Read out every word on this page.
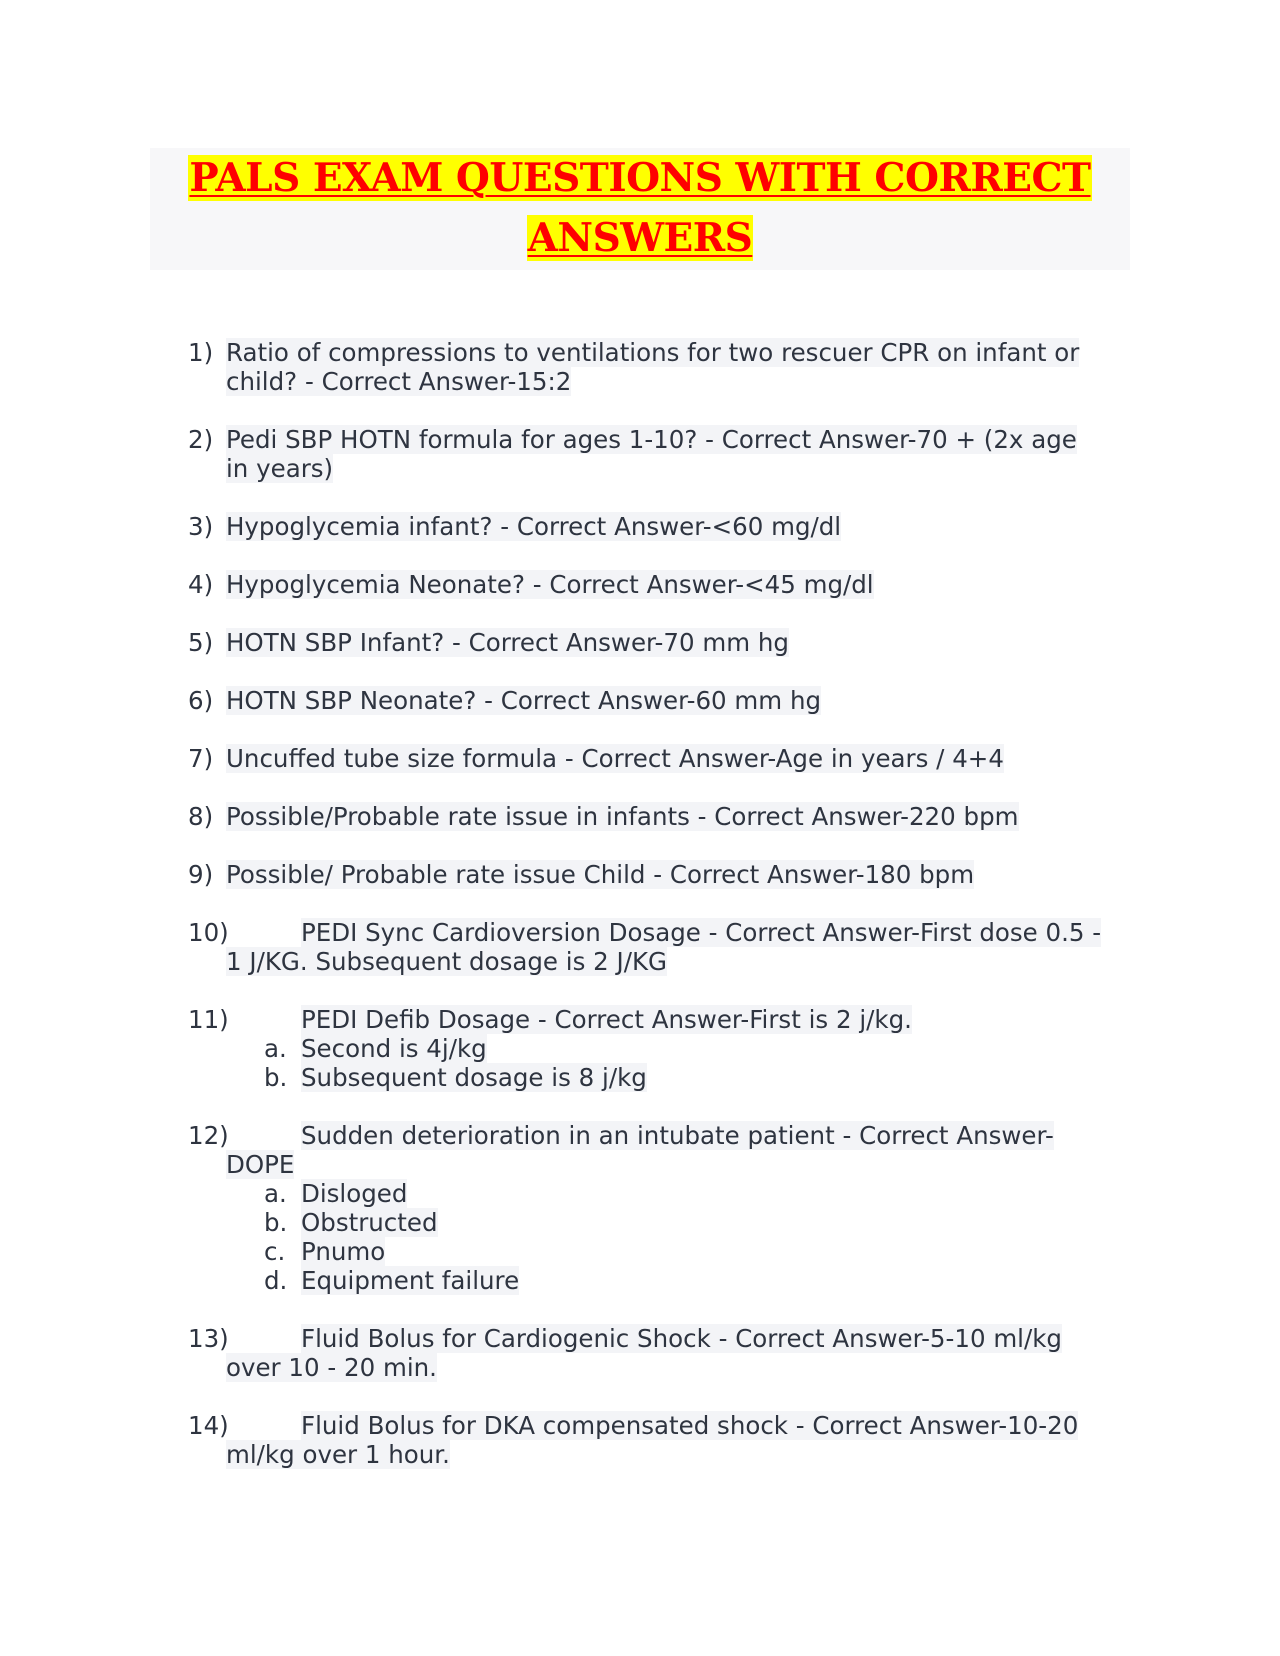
PALS EXAM QUESTIONS WITH CORRECT
ANSWERS
1) Ratio of compressions to ventilations for two rescuer CPR on infant or
child? - Correct Answer-15:2
2) Pedi SBP HOTN formula for ages 1-10? - Correct Answer-70 + (2x age
in years)
3) Hypoglycemia infant? - Correct Answer-<60 mg/dl
4) Hypoglycemia Neonate? - Correct Answer-<45 mg/dl
5) HOTN SBP Infant? - Correct Answer-70 mm hg
6) HOTN SBP Neonate? - Correct Answer-60 mm hg
7) Uncuffed tube size formula - Correct Answer-Age in years / 4+4
8) Possible/Probable rate issue in infants - Correct Answer-220 bpm
9) Possible/ Probable rate issue Child - Correct Answer-180 bpm
10)	PEDI Sync Cardioversion Dosage - Correct Answer-First dose 0.5 -
1 J/KG. Subsequent dosage is 2 J/KG
11)	PEDI Defib Dosage - Correct Answer-First is 2 j/kg.
a. Second is 4j/kg
b. Subsequent dosage is 8 j/kg
12)	Sudden deterioration in an intubate patient - Correct Answer-
DOPE
a. Disloged
b. Obstructed
c. Pnumo
d. Equipment failure
13)	Fluid Bolus for Cardiogenic Shock - Correct Answer-5-10 ml/kg
over 10 - 20 min.
14)	Fluid Bolus for DKA compensated shock - Correct Answer-10-20
ml/kg over 1 hour.
